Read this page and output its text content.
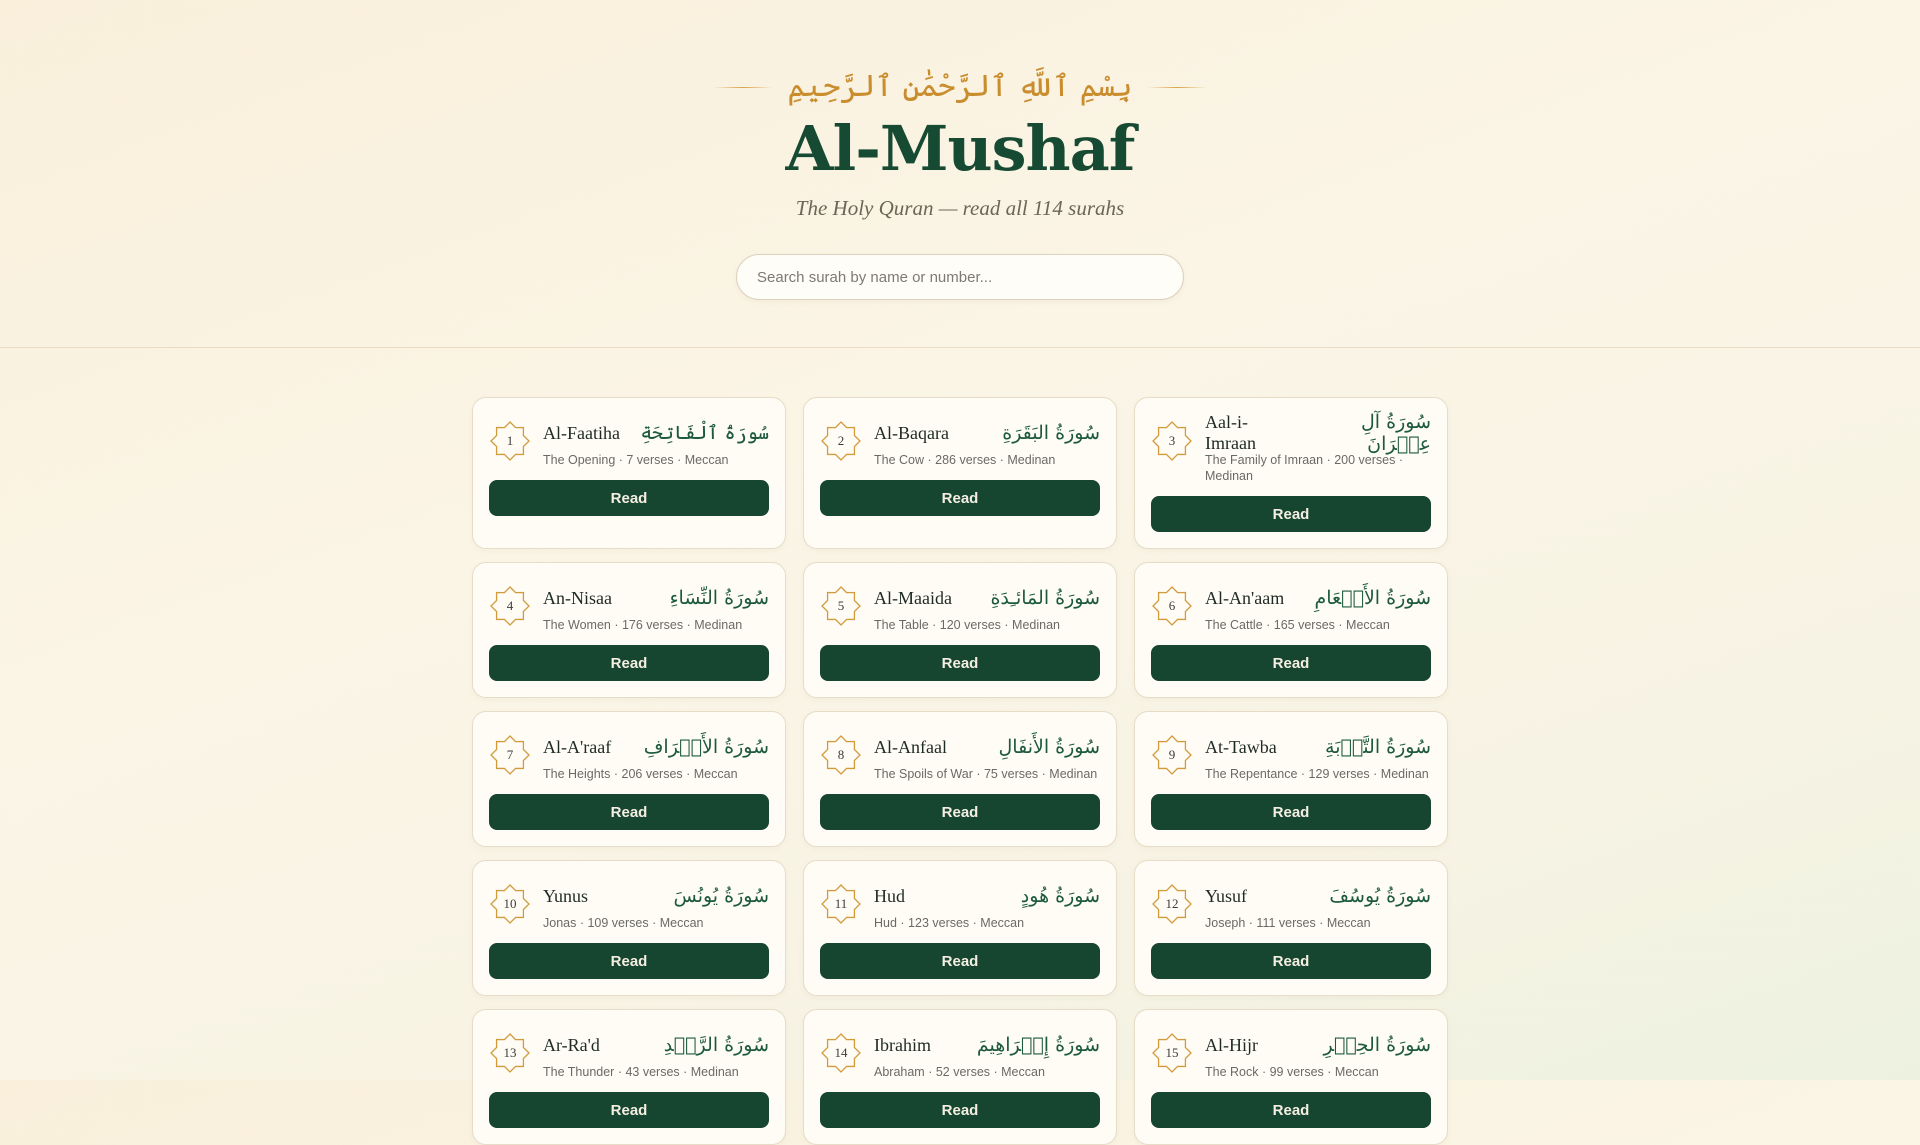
بِسْمِ ٱللَّهِ ٱلرَّحْمَٰنِ ٱلرَّحِيمِ
Al-Mushaf

The Holy Quran — read all 114 surahs

Search surah by name or number...
1	Al-Faatiha سُورَةُ ٱلْفَاتِحَةِ
The Opening · 7 verses · Meccan
Read
2	Al-Baqara	سُورَةُ البَقَرَةِ
The Cow · 286 verses · Medinan
Read
3
Aal-i-Imraan
سُورَةُ آلِ عِمۡرَانَ
The Family of Imraan · 200 verses · Medinan
Read
4	An-Nisaa	سُورَةُ النِّسَاءِ
The Women · 176 verses · Medinan
Read
5	Al-Maaida سُورَةُ المَائـِدَةِ
The Table · 120 verses · Medinan
Read
6	Al-An'aam سُورَةُ الأَنۡعَامِ
The Cattle · 165 verses · Meccan
Read
7	Al-A'raaf سُورَةُ الأَعۡرَافِ
The Heights · 206 verses · Meccan
Read
8	Al-Anfaal	سُورَةُ الأَنفَالِ
The Spoils of War · 75 verses · Medinan
Read
9	At-Tawba	سُورَةُ التَّوۡبَةِ
The Repentance · 129 verses · Medinan
Read
10	Yunus	سُورَةُ يُونُسَ
Jonas · 109 verses · Meccan
Read
11	Hud	سُورَةُ هُودٍ
Hud · 123 verses · Meccan
Read
12	Yusuf	سُورَةُ يُوسُفَ
Joseph · 111 verses · Meccan
Read
13	Ar-Ra'd	سُورَةُ الرَّعۡدِ
The Thunder · 43 verses · Medinan
Read
14	Ibrahim سُورَةُ إِبۡرَاهِيمَ
Abraham · 52 verses · Meccan
Read
15	Al-Hijr	سُورَةُ الحِجۡرِ
The Rock · 99 verses · Meccan
Read
